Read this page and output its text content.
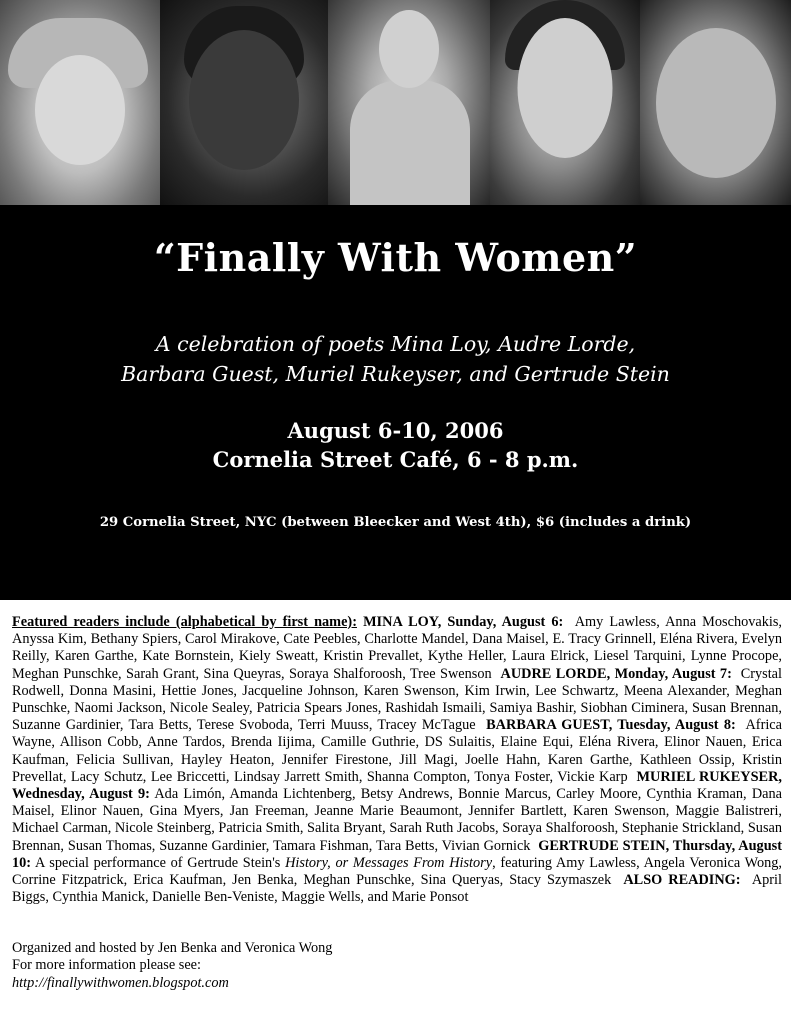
“Finally With Women”
A celebration of poets Mina Loy, Audre Lorde,
Barbara Guest, Muriel Rukeyser, and Gertrude Stein
August 6-10, 2006
Cornelia Street Café, 6 - 8 p.m.
29 Cornelia Street, NYC (between Bleecker and West 4th), $6 (includes a drink)
Featured readers include (alphabetical by first name): MINA LOY, Sunday, August 6: Amy Lawless, Anna Moschovakis, Anyssa Kim, Bethany Spiers, Carol Mirakove, Cate Peebles, Charlotte Mandel, Dana Maisel, E. Tracy Grinnell, Eléna Rivera, Evelyn Reilly, Karen Garthe, Kate Bornstein, Kiely Sweatt, Kristin Prevallet, Kythe Heller, Laura Elrick, Liesel Tarquini, Lynne Procope, Meghan Punschke, Sarah Grant, Sina Queyras, Soraya Shalforoosh, Tree Swenson AUDRE LORDE, Monday, August 7: Crystal Rodwell, Donna Masini, Hettie Jones, Jacqueline Johnson, Karen Swenson, Kim Irwin, Lee Schwartz, Meena Alexander, Meghan Punschke, Naomi Jackson, Nicole Sealey, Patricia Spears Jones, Rashidah Ismaili, Samiya Bashir, Siobhan Ciminera, Susan Brennan, Suzanne Gardinier, Tara Betts, Terese Svoboda, Terri Muuss, Tracey McTague BARBARA GUEST, Tuesday, August 8: Africa Wayne, Allison Cobb, Anne Tardos, Brenda Iijima, Camille Guthrie, DS Sulaitis, Elaine Equi, Eléna Rivera, Elinor Nauen, Erica Kaufman, Felicia Sullivan, Hayley Heaton, Jennifer Firestone, Jill Magi, Joelle Hahn, Karen Garthe, Kathleen Ossip, Kristin Prevellat, Lacy Schutz, Lee Briccetti, Lindsay Jarrett Smith, Shanna Compton, Tonya Foster, Vickie Karp MURIEL RUKEYSER, Wednesday, August 9: Ada Limón, Amanda Lichtenberg, Betsy Andrews, Bonnie Marcus, Carley Moore, Cynthia Kraman, Dana Maisel, Elinor Nauen, Gina Myers, Jan Freeman, Jeanne Marie Beaumont, Jennifer Bartlett, Karen Swenson, Maggie Balistreri, Michael Carman, Nicole Steinberg, Patricia Smith, Salita Bryant, Sarah Ruth Jacobs, Soraya Shalforoosh, Stephanie Strickland, Susan Brennan, Susan Thomas, Suzanne Gardinier, Tamara Fishman, Tara Betts, Vivian Gornick GERTRUDE STEIN, Thursday, August 10: A special performance of Gertrude Stein's History, or Messages From History, featuring Amy Lawless, Angela Veronica Wong, Corrine Fitzpatrick, Erica Kaufman, Jen Benka, Meghan Punschke, Sina Queryas, Stacy Szymaszek ALSO READING: April Biggs, Cynthia Manick, Danielle Ben-Veniste, Maggie Wells, and Marie Ponsot
Organized and hosted by Jen Benka and Veronica Wong
For more information please see:
http://finallywithwomen.blogspot.com
